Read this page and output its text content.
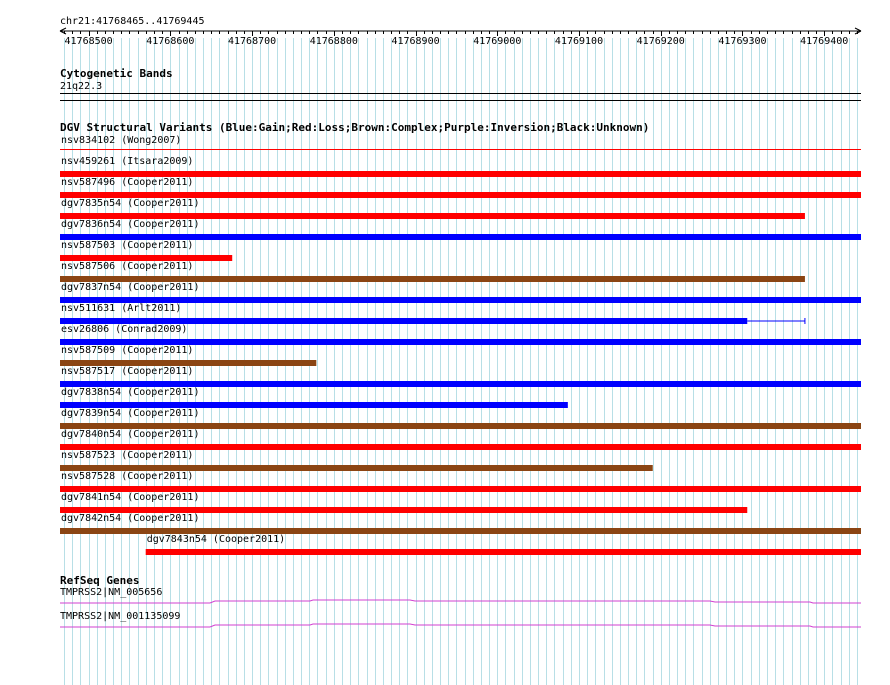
chr21:41768465..41769445
41768500	41768600	41768700	41768800	41768900	41769000	41769100	41769200	41769300	41769400
Cytogenetic Bands
21q22.3
DGV Structural Variants (Blue:Gain;Red:Loss;Brown:Complex;Purple:Inversion;Black:Unknown)
nsv834102 (Wong2007)
nsv459261 (Itsara2009)
nsv587496 (Cooper2011)
dgv7835n54 (Cooper2011)
dgv7836n54 (Cooper2011)
nsv587503 (Cooper2011)
nsv587506 (Cooper2011)
dgv7837n54 (Cooper2011)
nsv511631 (Arlt2011)
esv26806 (Conrad2009)
nsv587509 (Cooper2011)
nsv587517 (Cooper2011)
dgv7838n54 (Cooper2011)
dgv7839n54 (Cooper2011)
dgv7840n54 (Cooper2011)
nsv587523 (Cooper2011)
nsv587528 (Cooper2011)
dgv7841n54 (Cooper2011)
dgv7842n54 (Cooper2011)
dgv7843n54 (Cooper2011)
RefSeq Genes
TMPRSS2|NM_005656
TMPRSS2|NM_001135099
